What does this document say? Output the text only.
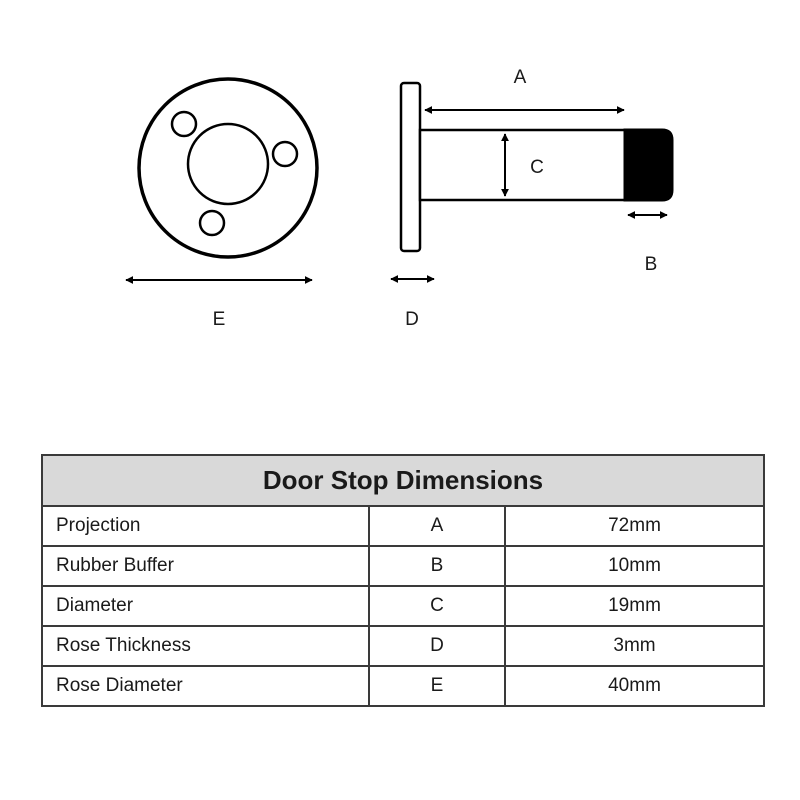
E
A
C
B
D
Door Stop Dimensions		
Projection	A	72mm
Rubber Buffer	B	10mm
Diameter	C	19mm
Rose Thickness	D	3mm
Rose Diameter	E	40mm
